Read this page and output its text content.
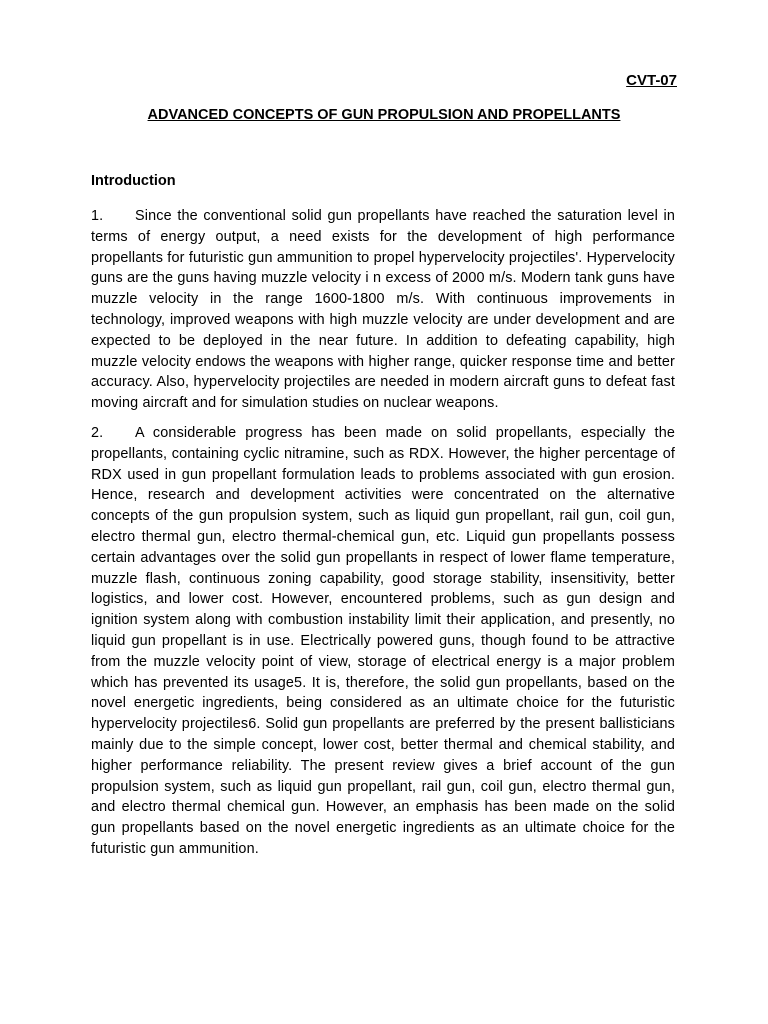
CVT-07
ADVANCED CONCEPTS OF GUN PROPULSION AND PROPELLANTS
Introduction

1. Since the conventional solid gun propellants have reached the saturation level in terms of energy output, a need exists for the development of high performance propellants for futuristic gun ammunition to propel hypervelocity projectiles'. Hypervelocity guns are the guns having muzzle velocity i n excess of 2000 m/s. Modern tank guns have muzzle velocity in the range 1600-1800 m/s. With continuous improvements in technology, improved weapons with high muzzle velocity are under development and are expected to be deployed in the near future. In addition to defeating capability, high muzzle velocity endows the weapons with higher range, quicker response time and better accuracy. Also, hypervelocity projectiles are needed in modern aircraft guns to defeat fast moving aircraft and for simulation studies on nuclear weapons.

2. A considerable progress has been made on solid propellants, especially the propellants, containing cyclic nitramine, such as RDX. However, the higher percentage of RDX used in gun propellant formulation leads to problems associated with gun erosion. Hence, research and development activities were concentrated on the alternative concepts of the gun propulsion system, such as liquid gun propellant, rail gun, coil gun, electro thermal gun, electro thermal-chemical gun, etc. Liquid gun propellants possess certain advantages over the solid gun propellants in respect of lower flame temperature, muzzle flash, continuous zoning capability, good storage stability, insensitivity, better logistics, and lower cost. However, encountered problems, such as gun design and ignition system along with combustion instability limit their application, and presently, no liquid gun propellant is in use. Electrically powered guns, though found to be attractive from the muzzle velocity point of view, storage of electrical energy is a major problem which has prevented its usage5. It is, therefore, the solid gun propellants, based on the novel energetic ingredients, being considered as an ultimate choice for the futuristic hypervelocity projectiles6. Solid gun propellants are preferred by the present ballisticians mainly due to the simple concept, lower cost, better thermal and chemical stability, and higher performance reliability. The present review gives a brief account of the gun propulsion system, such as liquid gun propellant, rail gun, coil gun, electro thermal gun, and electro thermal chemical gun. However, an emphasis has been made on the solid gun propellants based on the novel energetic ingredients as an ultimate choice for the futuristic gun ammunition.
